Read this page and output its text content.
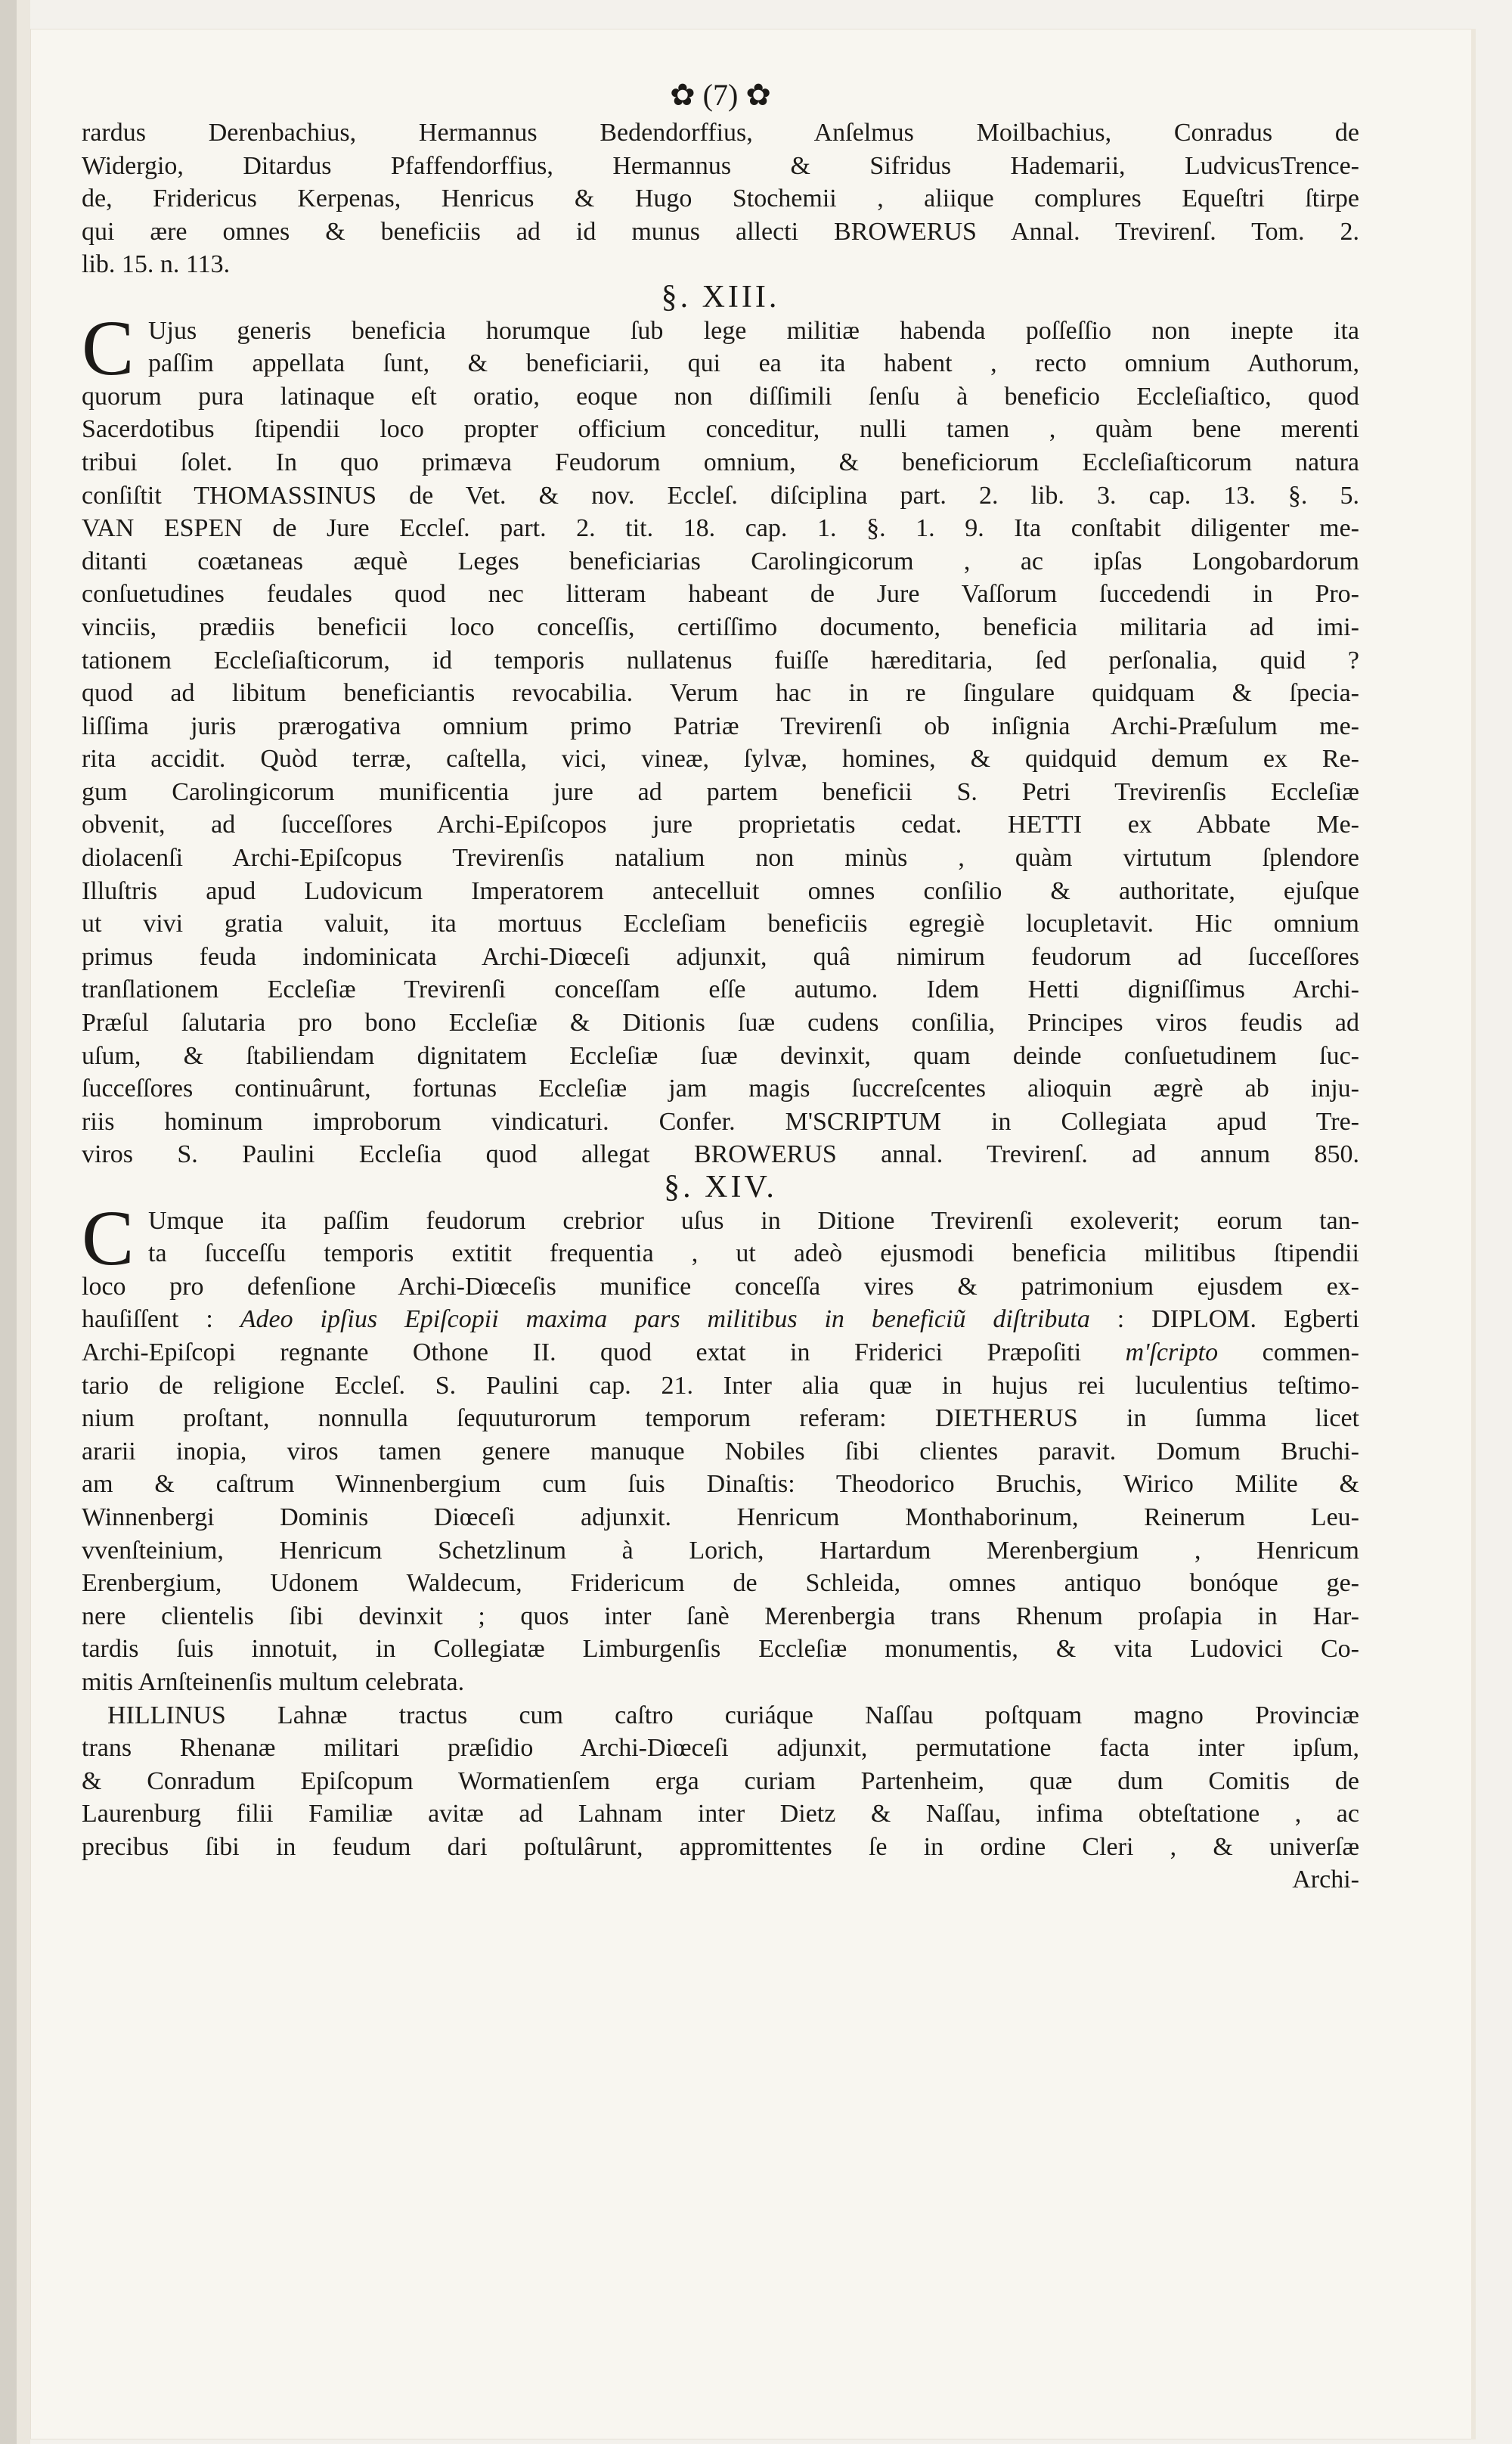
✿ (7) ✿

rardus Derenbachius, Hermannus Bedendorffius, Anſelmus Moilbachius, Conradus de

Widergio, Ditardus Pfaffendorffius, Hermannus & Sifridus Hademarii, LudvicusTrence-

de, Fridericus Kerpenas, Henricus & Hugo Stochemii , aliique complures Equeſtri ſtirpe

qui ære omnes & beneficiis ad id munus allecti BROWERUS Annal. Trevirenſ. Tom. 2.

lib. 15. n. 113.

§. XIII.

C Ujus generis beneficia horumque ſub lege militiæ habenda poſſeſſio non inepte ita

paſſim appellata ſunt, & beneficiarii, qui ea ita habent , recto omnium Authorum,

quorum pura latinaque eſt oratio, eoque non diſſimili ſenſu à beneficio Eccleſiaſtico, quod

Sacerdotibus ſtipendii loco propter officium conceditur, nulli tamen , quàm bene merenti

tribui ſolet. In quo primæva Feudorum omnium, & beneficiorum Eccleſiaſticorum natura

conſiſtit THOMASSINUS de Vet. & nov. Eccleſ. diſciplina part. 2. lib. 3. cap. 13. §. 5.

VAN ESPEN de Jure Eccleſ. part. 2. tit. 18. cap. 1. §. 1. 9. Ita conſtabit diligenter me-

ditanti coætaneas æquè Leges beneficiarias Carolingicorum , ac ipſas Longobardorum

conſuetudines feudales quod nec litteram habeant de Jure Vaſſorum ſuccedendi in Pro-

vinciis, prædiis beneficii loco conceſſis, certiſſimo documento, beneficia militaria ad imi-

tationem Eccleſiaſticorum, id temporis nullatenus fuiſſe hæreditaria, ſed perſonalia, quid ?

quod ad libitum beneficiantis revocabilia. Verum hac in re ſingulare quidquam & ſpecia-

liſſima juris prærogativa omnium primo Patriæ Trevirenſi ob inſignia Archi-Præſulum me-

rita accidit. Quòd terræ, caſtella, vici, vineæ, ſylvæ, homines, & quidquid demum ex Re-

gum Carolingicorum munificentia jure ad partem beneficii S. Petri Trevirenſis Eccleſiæ

obvenit, ad ſucceſſores Archi-Epiſcopos jure proprietatis cedat. HETTI ex Abbate Me-

diolacenſi Archi-Epiſcopus Trevirenſis natalium non minùs , quàm virtutum ſplendore

Illuſtris apud Ludovicum Imperatorem antecelluit omnes conſilio & authoritate, ejuſque

ut vivi gratia valuit, ita mortuus Eccleſiam beneficiis egregiè locupletavit. Hic omnium

primus feuda indominicata Archi-Diœceſi adjunxit, quâ nimirum feudorum ad ſucceſſores

tranſlationem Eccleſiæ Trevirenſi conceſſam eſſe autumo. Idem Hetti digniſſimus Archi-

Præſul ſalutaria pro bono Eccleſiæ & Ditionis ſuæ cudens conſilia, Principes viros feudis ad

uſum, & ſtabiliendam dignitatem Eccleſiæ ſuæ devinxit, quam deinde conſuetudinem ſuc-

ſucceſſores continuârunt, fortunas Eccleſiæ jam magis ſuccreſcentes alioquin ægrè ab inju-

riis hominum improborum vindicaturi. Confer. M'SCRIPTUM in Collegiata apud Tre-

viros S. Paulini Eccleſia quod allegat BROWERUS annal. Trevirenſ. ad annum 850.

§. XIV.

C Umque ita paſſim feudorum crebrior uſus in Ditione Trevirenſi exoleverit; eorum tan-

ta ſucceſſu temporis extitit frequentia , ut adeò ejusmodi beneficia militibus ſtipendii

loco pro defenſione Archi-Diœceſis munifice conceſſa vires & patrimonium ejusdem ex-

hauſiſſent : Adeo ipſius Epiſcopii maxima pars militibus in beneficiũ diſtributa : DIPLOM. Egberti

Archi-Epiſcopi regnante Othone II. quod extat in Friderici Præpoſiti m'ſcripto commen-

tario de religione Eccleſ. S. Paulini cap. 21. Inter alia quæ in hujus rei luculentius teſtimo-

nium proſtant, nonnulla ſequuturorum temporum referam: DIETHERUS in ſumma licet

ararii inopia, viros tamen genere manuque Nobiles ſibi clientes paravit. Domum Bruchi-

am & caſtrum Winnenbergium cum ſuis Dinaſtis: Theodorico Bruchis, Wirico Milite &

Winnenbergi Dominis Diœceſi adjunxit. Henricum Monthaborinum, Reinerum Leu-

vvenſteinium, Henricum Schetzlinum à Lorich, Hartardum Merenbergium , Henricum

Erenbergium, Udonem Waldecum, Fridericum de Schleida, omnes antiquo bonóque ge-

nere clientelis ſibi devinxit ; quos inter ſanè Merenbergia trans Rhenum proſapia in Har-

tardis ſuis innotuit, in Collegiatæ Limburgenſis Eccleſiæ monumentis, & vita Ludovici Co-

mitis Arnſteinenſis multum celebrata.

HILLINUS Lahnæ tractus cum caſtro curiáque Naſſau poſtquam magno Provinciæ

trans Rhenanæ militari præſidio Archi-Diœceſi adjunxit, permutatione facta inter ipſum,

& Conradum Epiſcopum Wormatienſem erga curiam Partenheim, quæ dum Comitis de

Laurenburg filii Familiæ avitæ ad Lahnam inter Dietz & Naſſau, infima obteſtatione , ac

precibus ſibi in feudum dari poſtulârunt, appromittentes ſe in ordine Cleri , & univerſæ

Archi-
